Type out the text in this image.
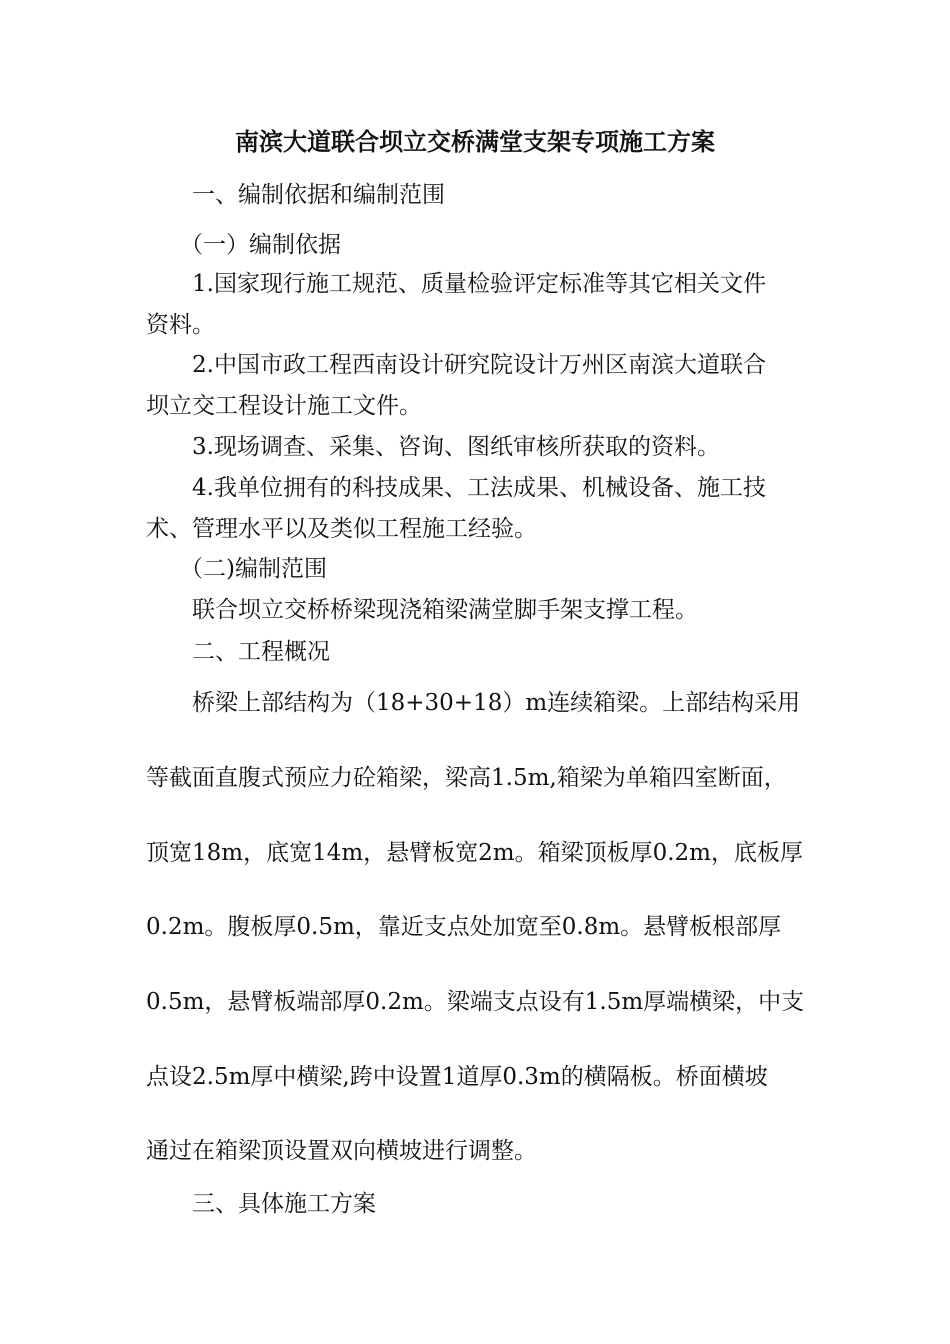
南滨大道联合坝立交桥满堂支架专项施工方案
一、编制依据和编制范围
（一）编制依据
1.国家现行施工规范、质量检验评定标准等其它相关文件
资料。
2.中国市政工程西南设计研究院设计万州区南滨大道联合
坝立交工程设计施工文件。
3.现场调查、采集、咨询、图纸审核所获取的资料。
4.我单位拥有的科技成果、工法成果、机械设备、施工技
术、管理水平以及类似工程施工经验。
（二)编制范围
联合坝立交桥桥梁现浇箱梁满堂脚手架支撑工程。
二、工程概况
桥梁上部结构为（18+30+18）m连续箱梁。上部结构采用
等截面直腹式预应力砼箱梁，梁高1.5m,箱梁为单箱四室断面，
顶宽18m，底宽14m，悬臂板宽2m。箱梁顶板厚0.2m，底板厚
0.2m。腹板厚0.5m，靠近支点处加宽至0.8m。悬臂板根部厚
0.5m，悬臂板端部厚0.2m。梁端支点设有1.5m厚端横梁，中支
点设2.5m厚中横梁,跨中设置1道厚0.3m的横隔板。桥面横坡
通过在箱梁顶设置双向横坡进行调整。
三、具体施工方案
